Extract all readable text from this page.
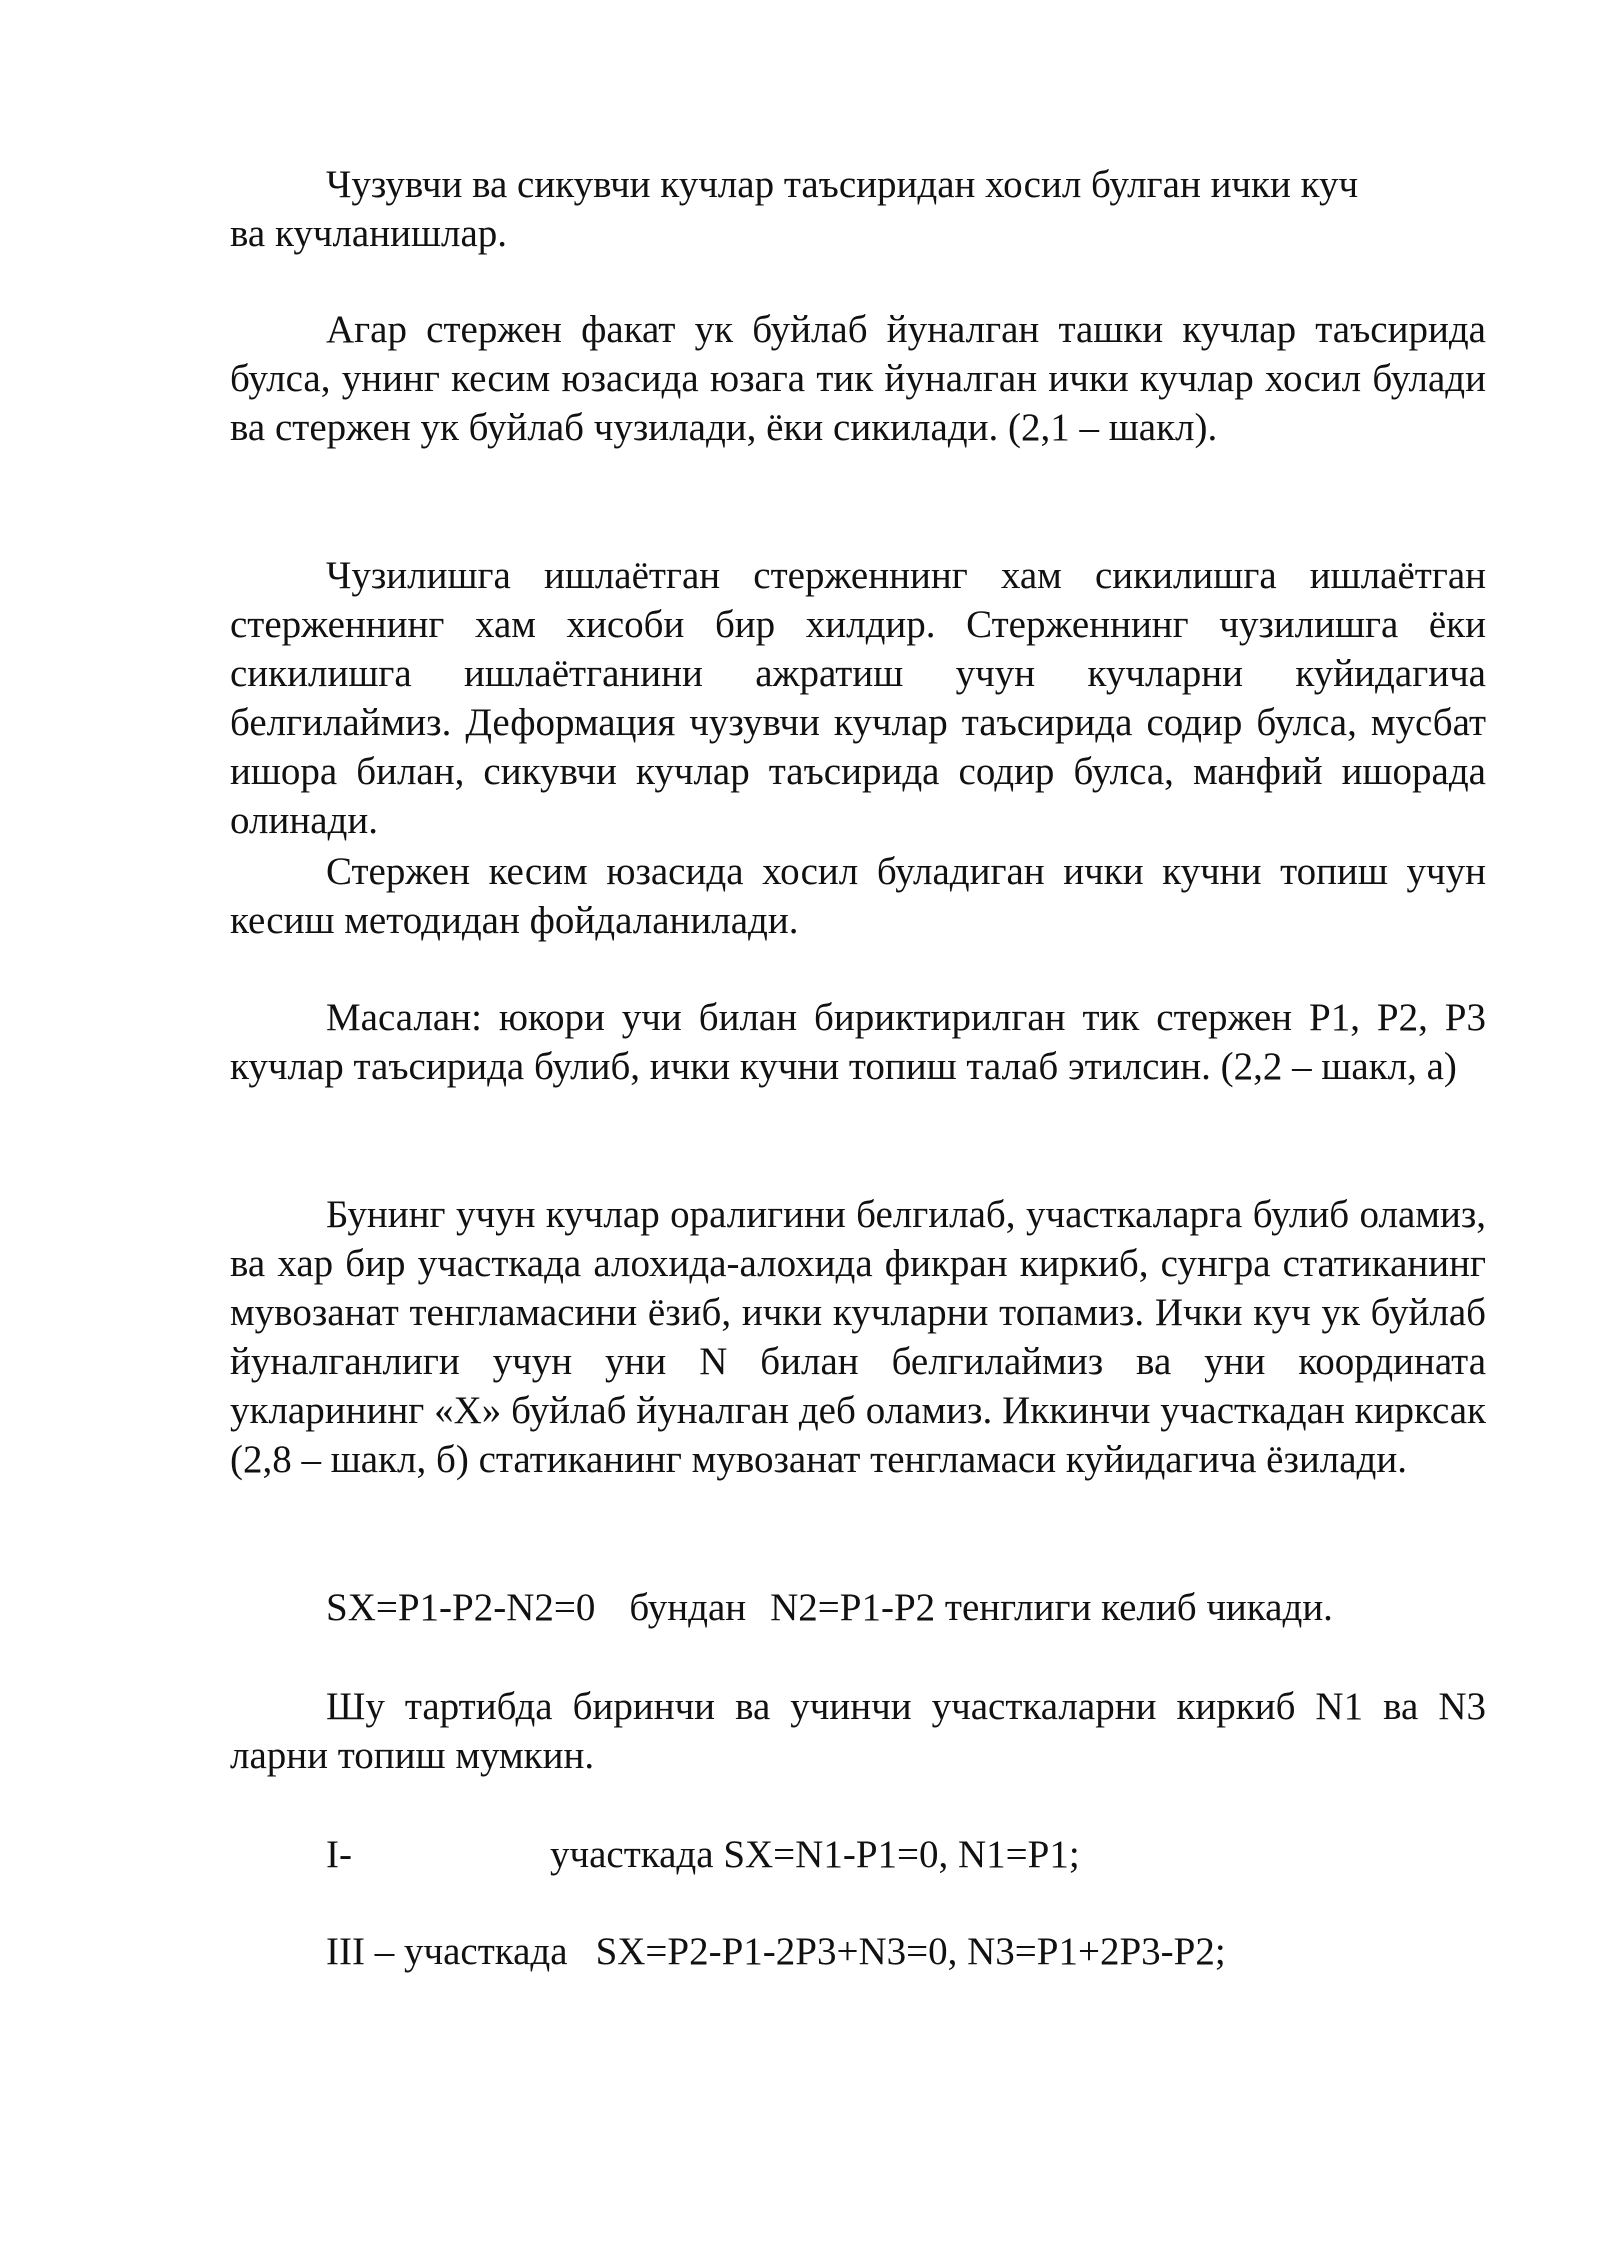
Чузувчи ва сикувчи кучлар таъсиридан хосил булган ички куч

ва кучланишлар.

Агар стержен факат ук буйлаб йуналган ташки кучлар таъсирида булса, унинг кесим юзасида юзага тик йуналган ички кучлар хосил булади ва стержен ук буйлаб чузилади, ёки сикилади. (2,1 – шакл).

Чузилишга ишлаётган стерженнинг хам сикилишга ишлаётган стерженнинг хам хисоби бир хилдир. Стерженнинг чузилишга ёки сикилишга ишлаётганини ажратиш учун кучларни куйидагича белгилаймиз. Деформация чузувчи кучлар таъсирида содир булса, мусбат ишора билан, сикувчи кучлар таъсирида содир булса, манфий ишорада олинади.

Стержен кесим юзасида хосил буладиган ички кучни топиш учун кесиш методидан фойдаланилади.

Масалан: юкори учи билан бириктирилган тик стержен Р1, Р2, Р3 кучлар таъсирида булиб, ички кучни топиш талаб этилсин. (2,2 – шакл, а)

Бунинг учун кучлар оралигини белгилаб, участкаларга булиб оламиз, ва хар бир участкада алохида-алохида фикран киркиб, сунгра статиканинг мувозанат тенгламасини ёзиб, ички кучларни топамиз. Ички куч ук буйлаб йуналганлиги учун уни N билан белгилаймиз ва уни координата укларининг «Х» буйлаб йуналган деб оламиз. Иккинчи участкадан кирксак (2,8 – шакл, б) статиканинг мувозанат тенгламаси куйидагича ёзилади.

SХ=Р1-Р2-N2=0 бундан N2=Р1-Р2 тенглиги келиб чикади.

Шу тартибда биринчи ва учинчи участкаларни киркиб N1 ва N3 ларни топиш мумкин.

I-	участкада SХ=N1-Р1=0, N1=Р1;

III – участкада SХ=Р2-Р1-2Р3+N3=0, N3=Р1+2Р3-Р2;
